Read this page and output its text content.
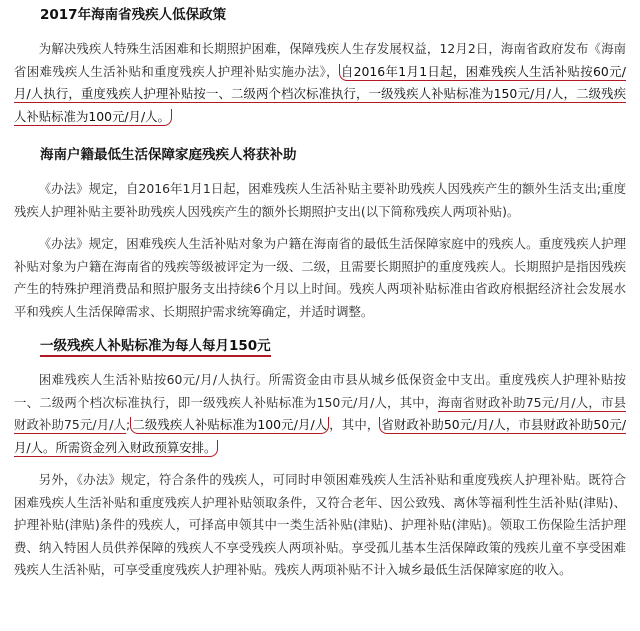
2017年海南省残疾人低保政策

为解决残疾人特殊生活困难和长期照护困难，保障残疾人生存发展权益，12月2日，海南省政府发布《海南省困难残疾人生活补贴和重度残疾人护理补贴实施办法》， 自2016年1月1日起，困难残疾人生活补贴按60元/月/人执行，重度残疾人护理补贴按一、二级两个档次标准执行，一级残疾人补贴标准为150元/月/人，二级残疾人补贴标准为100元/月/人。

海南户籍最低生活保障家庭残疾人将获补助

《办法》规定，自2016年1月1日起，困难残疾人生活补贴主要补助残疾人因残疾产生的额外生活支出;重度残疾人护理补贴主要补助残疾人因残疾产生的额外长期照护支出(以下简称残疾人两项补贴)。

《办法》规定，困难残疾人生活补贴对象为户籍在海南省的最低生活保障家庭中的残疾人。重度残疾人护理补贴对象为户籍在海南省的残疾等级被评定为一级、二级，且需要长期照护的重度残疾人。长期照护是指因残疾产生的特殊护理消费品和照护服务支出持续6个月以上时间。残疾人两项补贴标准由省政府根据经济社会发展水平和残疾人生活保障需求、长期照护需求统筹确定，并适时调整。

一级残疾人补贴标准为每人每月150元

困难残疾人生活补贴按60元/月/人执行。所需资金由市县从城乡低保资金中支出。重度残疾人护理补贴按一、二级两个档次标准执行，即一级残疾人补贴标准为150元/月/人，其中，海南省财政补助75元/月/人，市县财政补助75元/月/人; 二级残疾人补贴标准为100元/月/人 ，其中， 省财政补助50元/月/人，市县财政补助50元/月/人。所需资金列入财政预算安排。

另外，《办法》规定，符合条件的残疾人，可同时申领困难残疾人生活补贴和重度残疾人护理补贴。既符合困难残疾人生活补贴和重度残疾人护理补贴领取条件，又符合老年、因公致残、离休等福利性生活补贴(津贴)、护理补贴(津贴)条件的残疾人，可择高申领其中一类生活补贴(津贴)、护理补贴(津贴)。领取工伤保险生活护理费、纳入特困人员供养保障的残疾人不享受残疾人两项补贴。享受孤儿基本生活保障政策的残疾儿童不享受困难残疾人生活补贴，可享受重度残疾人护理补贴。残疾人两项补贴不计入城乡最低生活保障家庭的收入。
